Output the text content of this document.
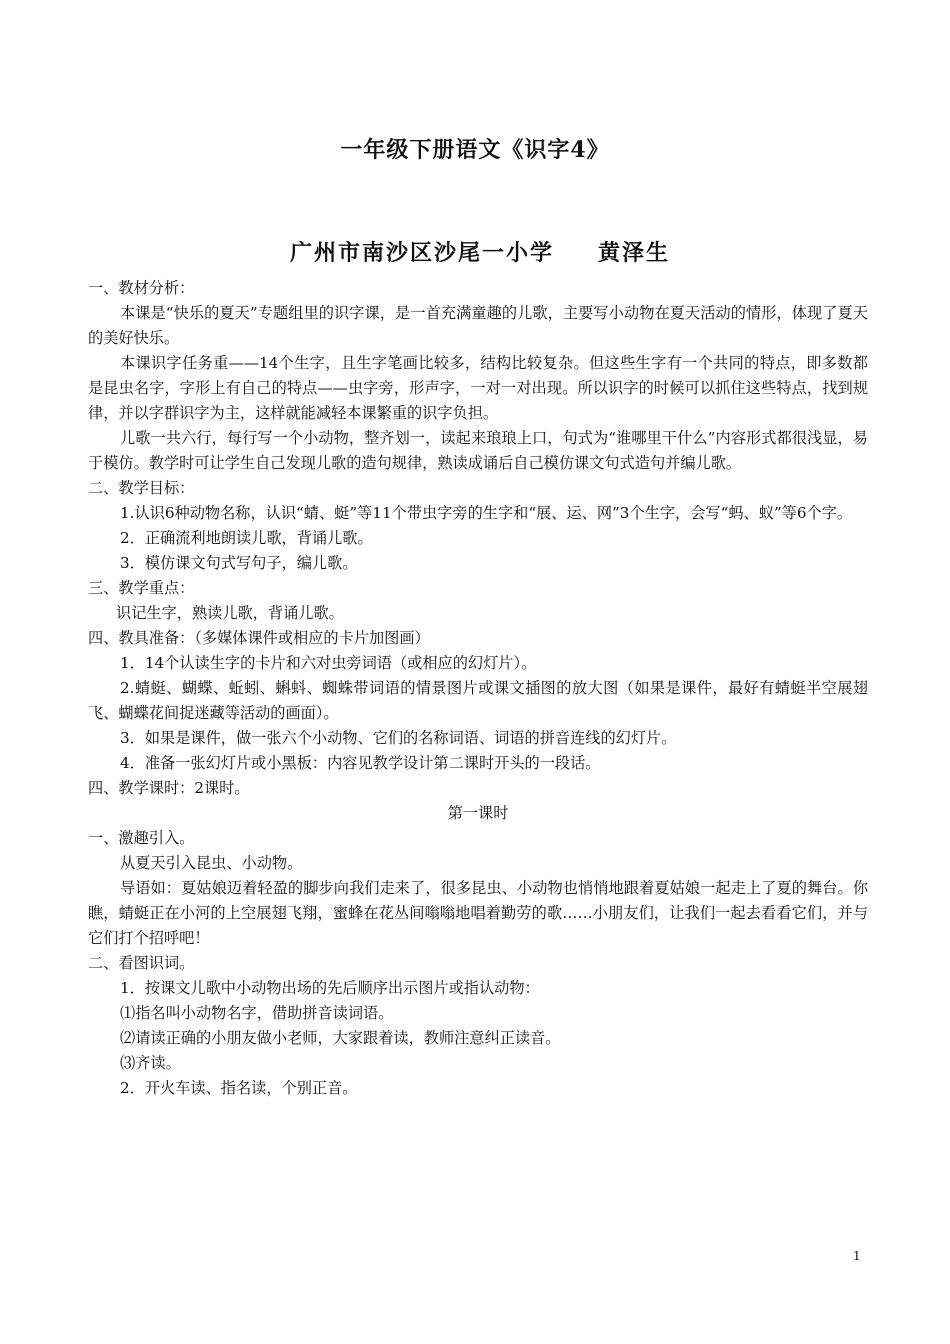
一年级下册语文《识字4》
广州市南沙区沙尾一小学 黄泽生

一、教材分析：

本课是“快乐的夏天”专题组里的识字课，是一首充满童趣的儿歌，主要写小动物在夏天活动的情形，体现了夏天的美好快乐。

本课识字任务重——14个生字，且生字笔画比较多，结构比较复杂。但这些生字有一个共同的特点，即多数都是昆虫名字，字形上有自己的特点——虫字旁，形声字，一对一对出现。所以识字的时候可以抓住这些特点，找到规律，并以字群识字为主，这样就能减轻本课繁重的识字负担。

儿歌一共六行，每行写一个小动物，整齐划一，读起来琅琅上口，句式为“谁哪里干什么”内容形式都很浅显，易于模仿。教学时可让学生自己发现儿歌的造句规律，熟读成诵后自己模仿课文句式造句并编儿歌。

二、教学目标：

1.认识6种动物名称，认识“蜻、蜓”等11个带虫字旁的生字和“展、运、网”3个生字，会写“蚂、蚁”等6个字。

2．正确流利地朗读儿歌，背诵儿歌。

3．模仿课文句式写句子，编儿歌。

三、教学重点：

识记生字，熟读儿歌，背诵儿歌。

四、教具准备：（多媒体课件或相应的卡片加图画）

1．14个认读生字的卡片和六对虫旁词语（或相应的幻灯片）。

2.蜻蜓、蝴蝶、蚯蚓、蝌蚪、蜘蛛带词语的情景图片或课文插图的放大图（如果是课件，最好有蜻蜓半空展翅飞、蝴蝶花间捉迷藏等活动的画面）。

3．如果是课件，做一张六个小动物、它们的名称词语、词语的拼音连线的幻灯片。

4．准备一张幻灯片或小黑板：内容见教学设计第二课时开头的一段话。

四、教学课时：2课时。

第一课时

一、激趣引入。

从夏天引入昆虫、小动物。

导语如：夏姑娘迈着轻盈的脚步向我们走来了，很多昆虫、小动物也悄悄地跟着夏姑娘一起走上了夏的舞台。你瞧，蜻蜓正在小河的上空展翅飞翔，蜜蜂在花丛间嗡嗡地唱着勤劳的歌……小朋友们，让我们一起去看看它们，并与它们打个招呼吧！

二、看图识词。

1．按课文儿歌中小动物出场的先后顺序出示图片或指认动物：

⑴指名叫小动物名字，借助拼音读词语。

⑵请读正确的小朋友做小老师，大家跟着读，教师注意纠正读音。

⑶齐读。

2．开火车读、指名读，个别正音。

1
